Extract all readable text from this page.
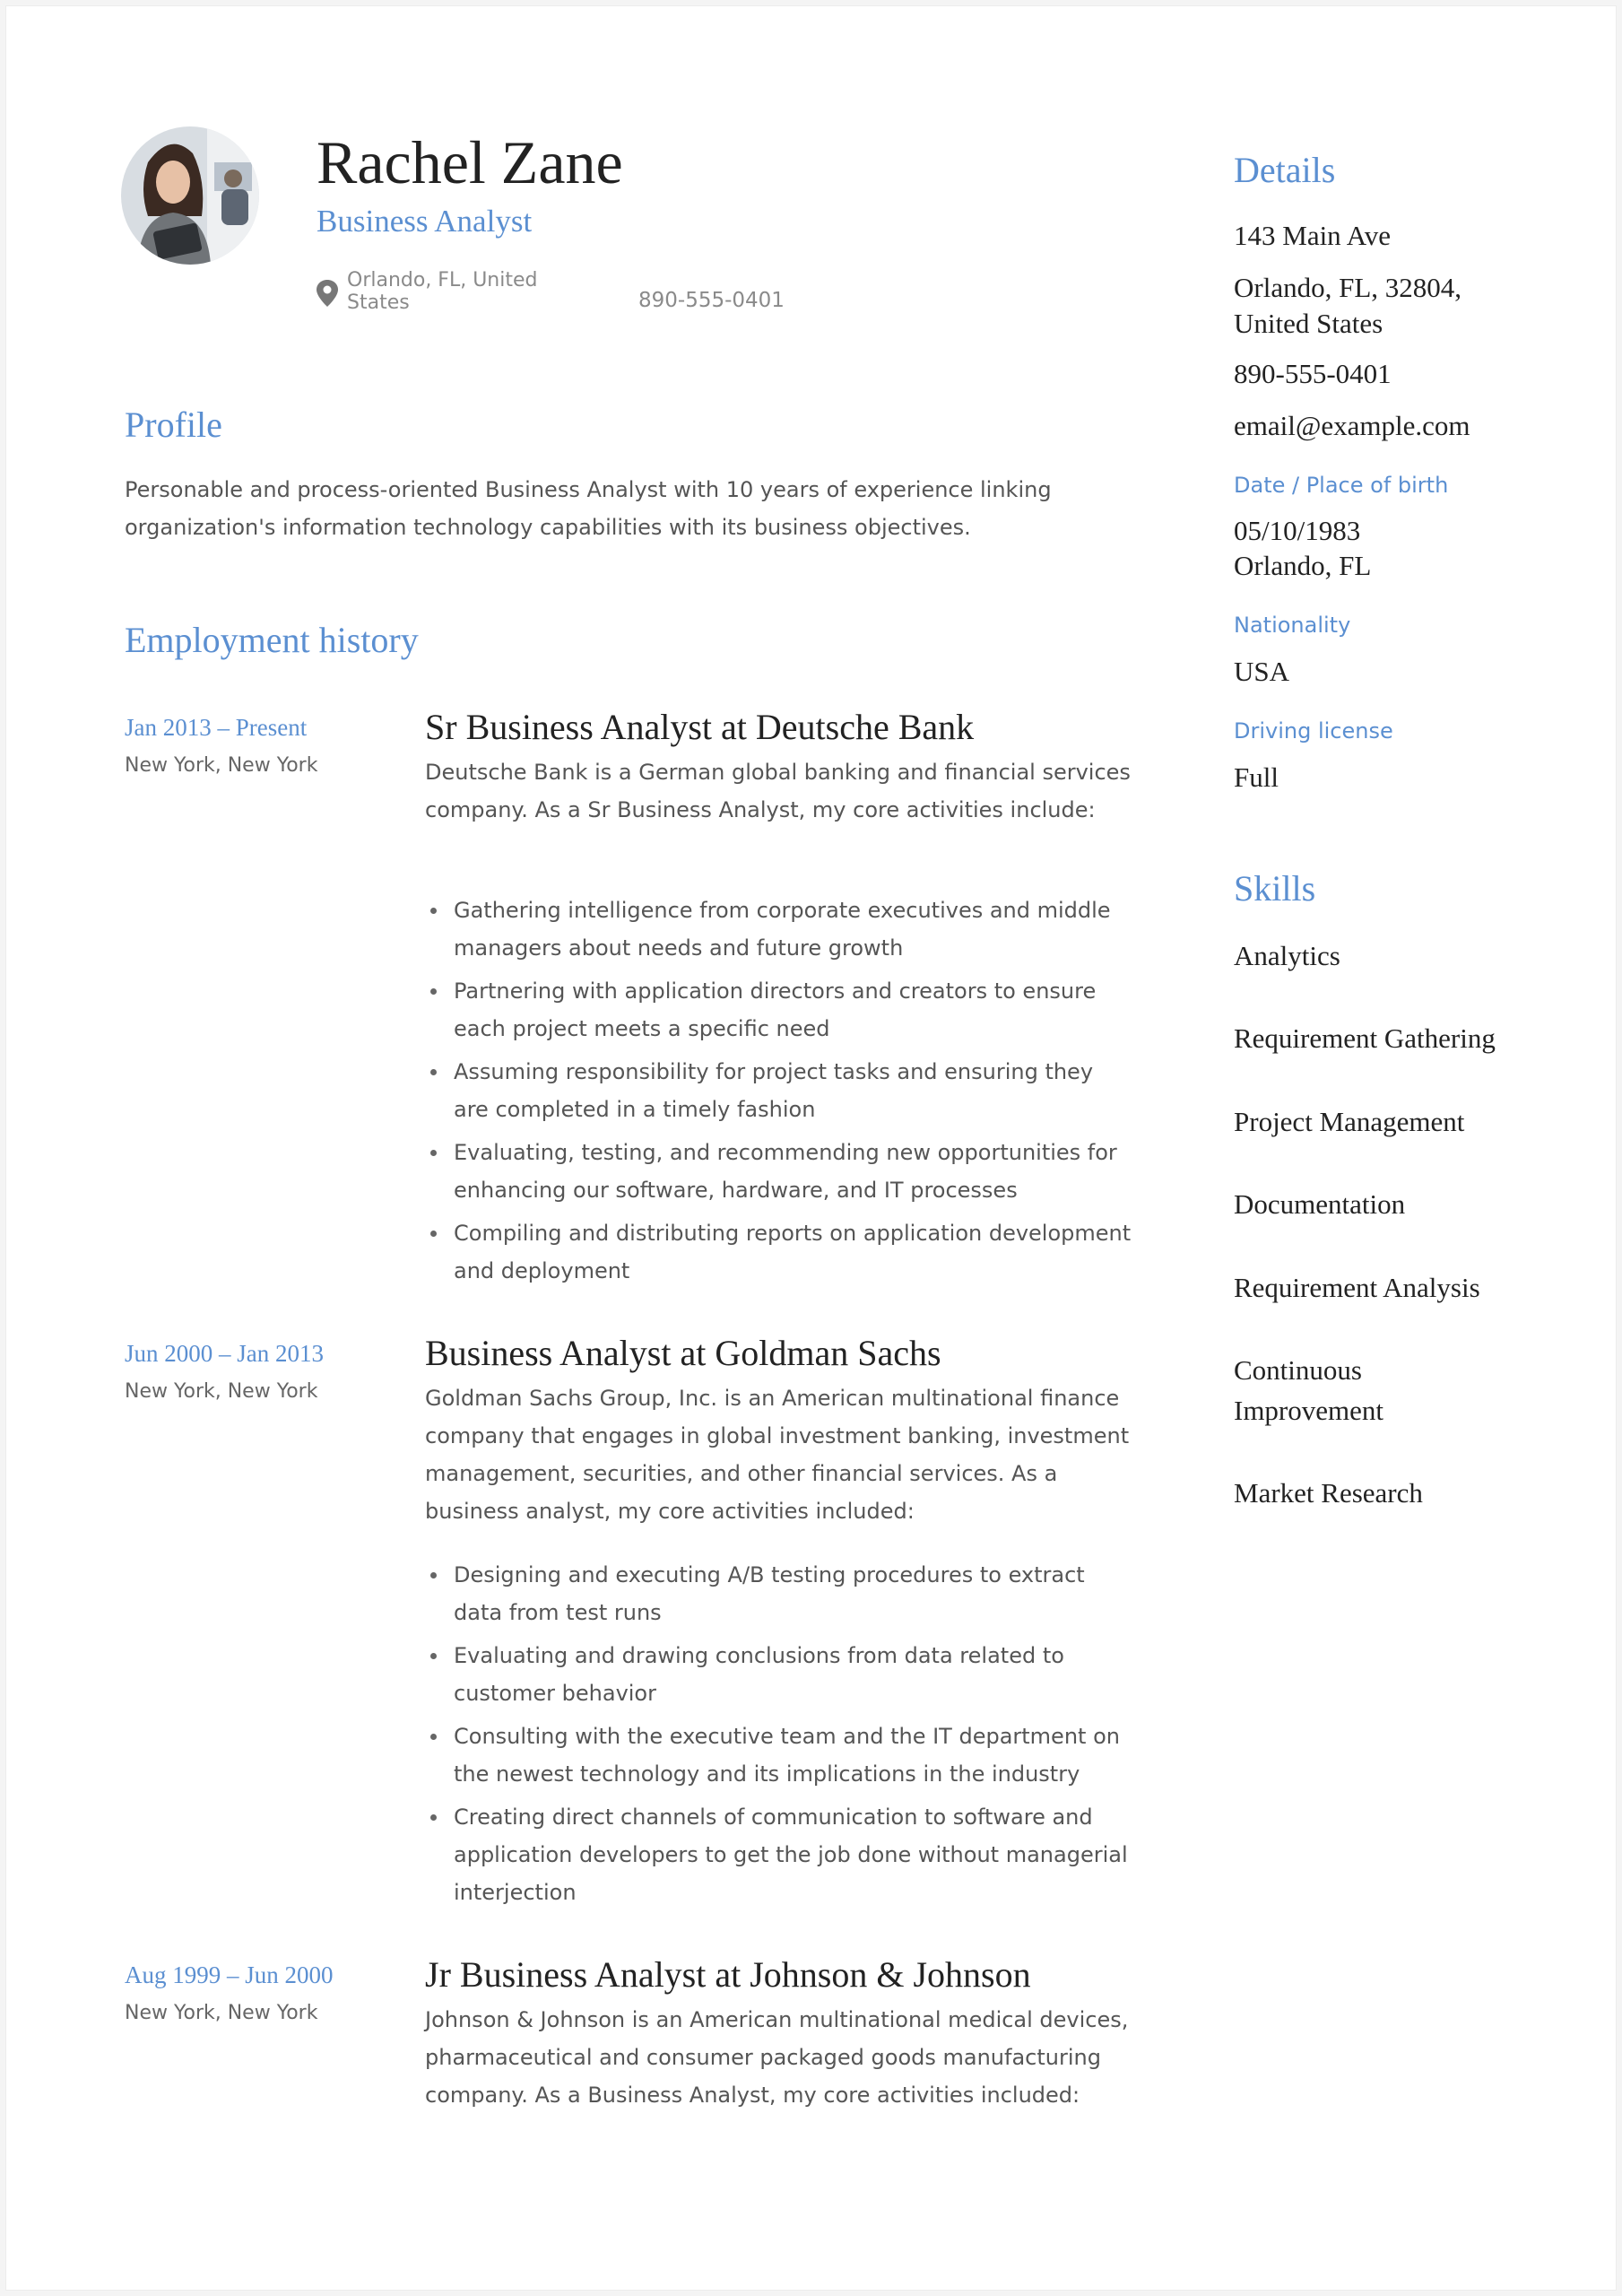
Rachel Zane
Business Analyst
Orlando, FL, United States	890-555-0401
Profile

Personable and process-oriented Business Analyst with 10 years of experience linking organization's information technology capabilities with its business objectives.

Employment history
Jan 2013 – Present
New York, New York
Sr Business Analyst at Deutsche Bank

Deutsche Bank is a German global banking and financial services company. As a Sr Business Analyst, my core activities include:

Gathering intelligence from corporate executives and middle managers about needs and future growth
Partnering with application directors and creators to ensure each project meets a specific need
Assuming responsibility for project tasks and ensuring they are completed in a timely fashion
Evaluating, testing, and recommending new opportunities for enhancing our software, hardware, and IT processes
Compiling and distributing reports on application development and deployment
Jun 2000 – Jan 2013
New York, New York
Business Analyst at Goldman Sachs

Goldman Sachs Group, Inc. is an American multinational finance company that engages in global investment banking, investment management, securities, and other financial services. As a business analyst, my core activities included:

Designing and executing A/B testing procedures to extract data from test runs
Evaluating and drawing conclusions from data related to customer behavior
Consulting with the executive team and the IT department on the newest technology and its implications in the industry
Creating direct channels of communication to software and application developers to get the job done without managerial interjection
Aug 1999 – Jun 2000
New York, New York
Jr Business Analyst at Johnson & Johnson

Johnson & Johnson is an American multinational medical devices, pharmaceutical and consumer packaged goods manufacturing company. As a Business Analyst, my core activities included:

Details
143 Main Ave
Orlando, FL, 32804, United States
890-555-0401
email@example.com
Date / Place of birth
05/10/1983
Orlando, FL
Nationality
USA
Driving license
Full
Skills
Analytics
Requirement Gathering
Project Management
Documentation
Requirement Analysis
Continuous Improvement
Market Research
